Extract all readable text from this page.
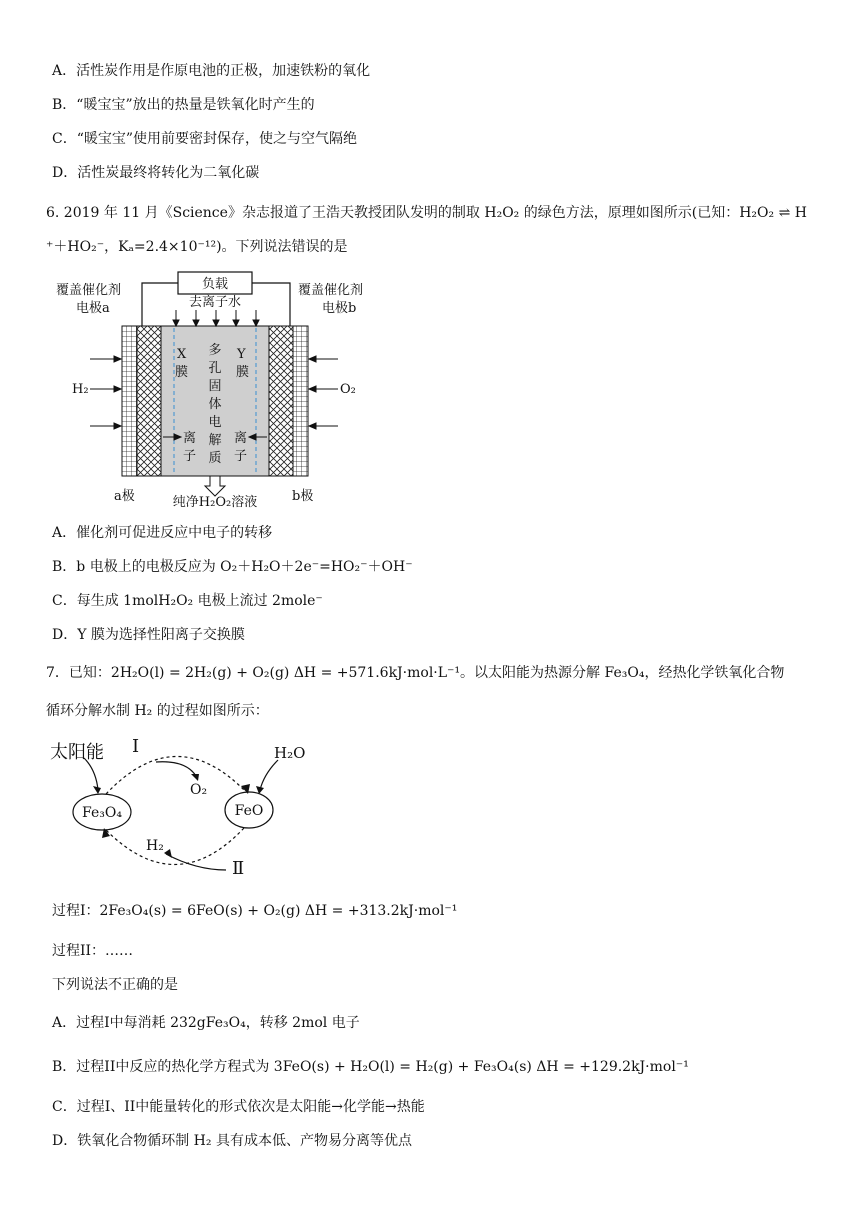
A．活性炭作用是作原电池的正极，加速铁粉的氧化
B．“暖宝宝”放出的热量是铁氧化时产生的
C．“暖宝宝”使用前要密封保存，使之与空气隔绝
D．活性炭最终将转化为二氧化碳
6. 2019 年 11 月《Science》杂志报道了王浩天教授团队发明的制取 H₂O₂ 的绿色方法，原理如图所示(已知：H₂O₂ ⇌ H
⁺＋HO₂⁻，Kₐ=2.4×10⁻¹²)。下列说法错误的是
负载
去离子水
覆盖催化剂
电极a
覆盖催化剂
电极b
H₂	O₂
X
膜
Y
膜
多
孔
固
体
电
解
质
离
子
离
子
a极	b极
纯净H₂O₂溶液
A．催化剂可促进反应中电子的转移
B．b 电极上的电极反应为 O₂＋H₂O＋2e⁻=HO₂⁻＋OH⁻
C．每生成 1molH₂O₂ 电极上流过 2mole⁻
D．Y 膜为选择性阳离子交换膜
7．已知：2H₂O(l) = 2H₂(g) + O₂(g) ΔH = +571.6kJ·mol·L⁻¹。以太阳能为热源分解 Fe₃O₄，经热化学铁氧化合物
循环分解水制 H₂ 的过程如图所示：
太阳能 I
O₂
H₂O
H₂
Ⅱ
Fe₃O₄	FeO
过程I：2Fe₃O₄(s) = 6FeO(s) + O₂(g) ΔH = +313.2kJ·mol⁻¹
过程II：……
下列说法不正确的是
A．过程I中每消耗 232gFe₃O₄，转移 2mol 电子
B．过程II中反应的热化学方程式为 3FeO(s) + H₂O(l) = H₂(g) + Fe₃O₄(s) ΔH = +129.2kJ·mol⁻¹
C．过程I、II中能量转化的形式依次是太阳能→化学能→热能
D．铁氧化合物循环制 H₂ 具有成本低、产物易分离等优点
